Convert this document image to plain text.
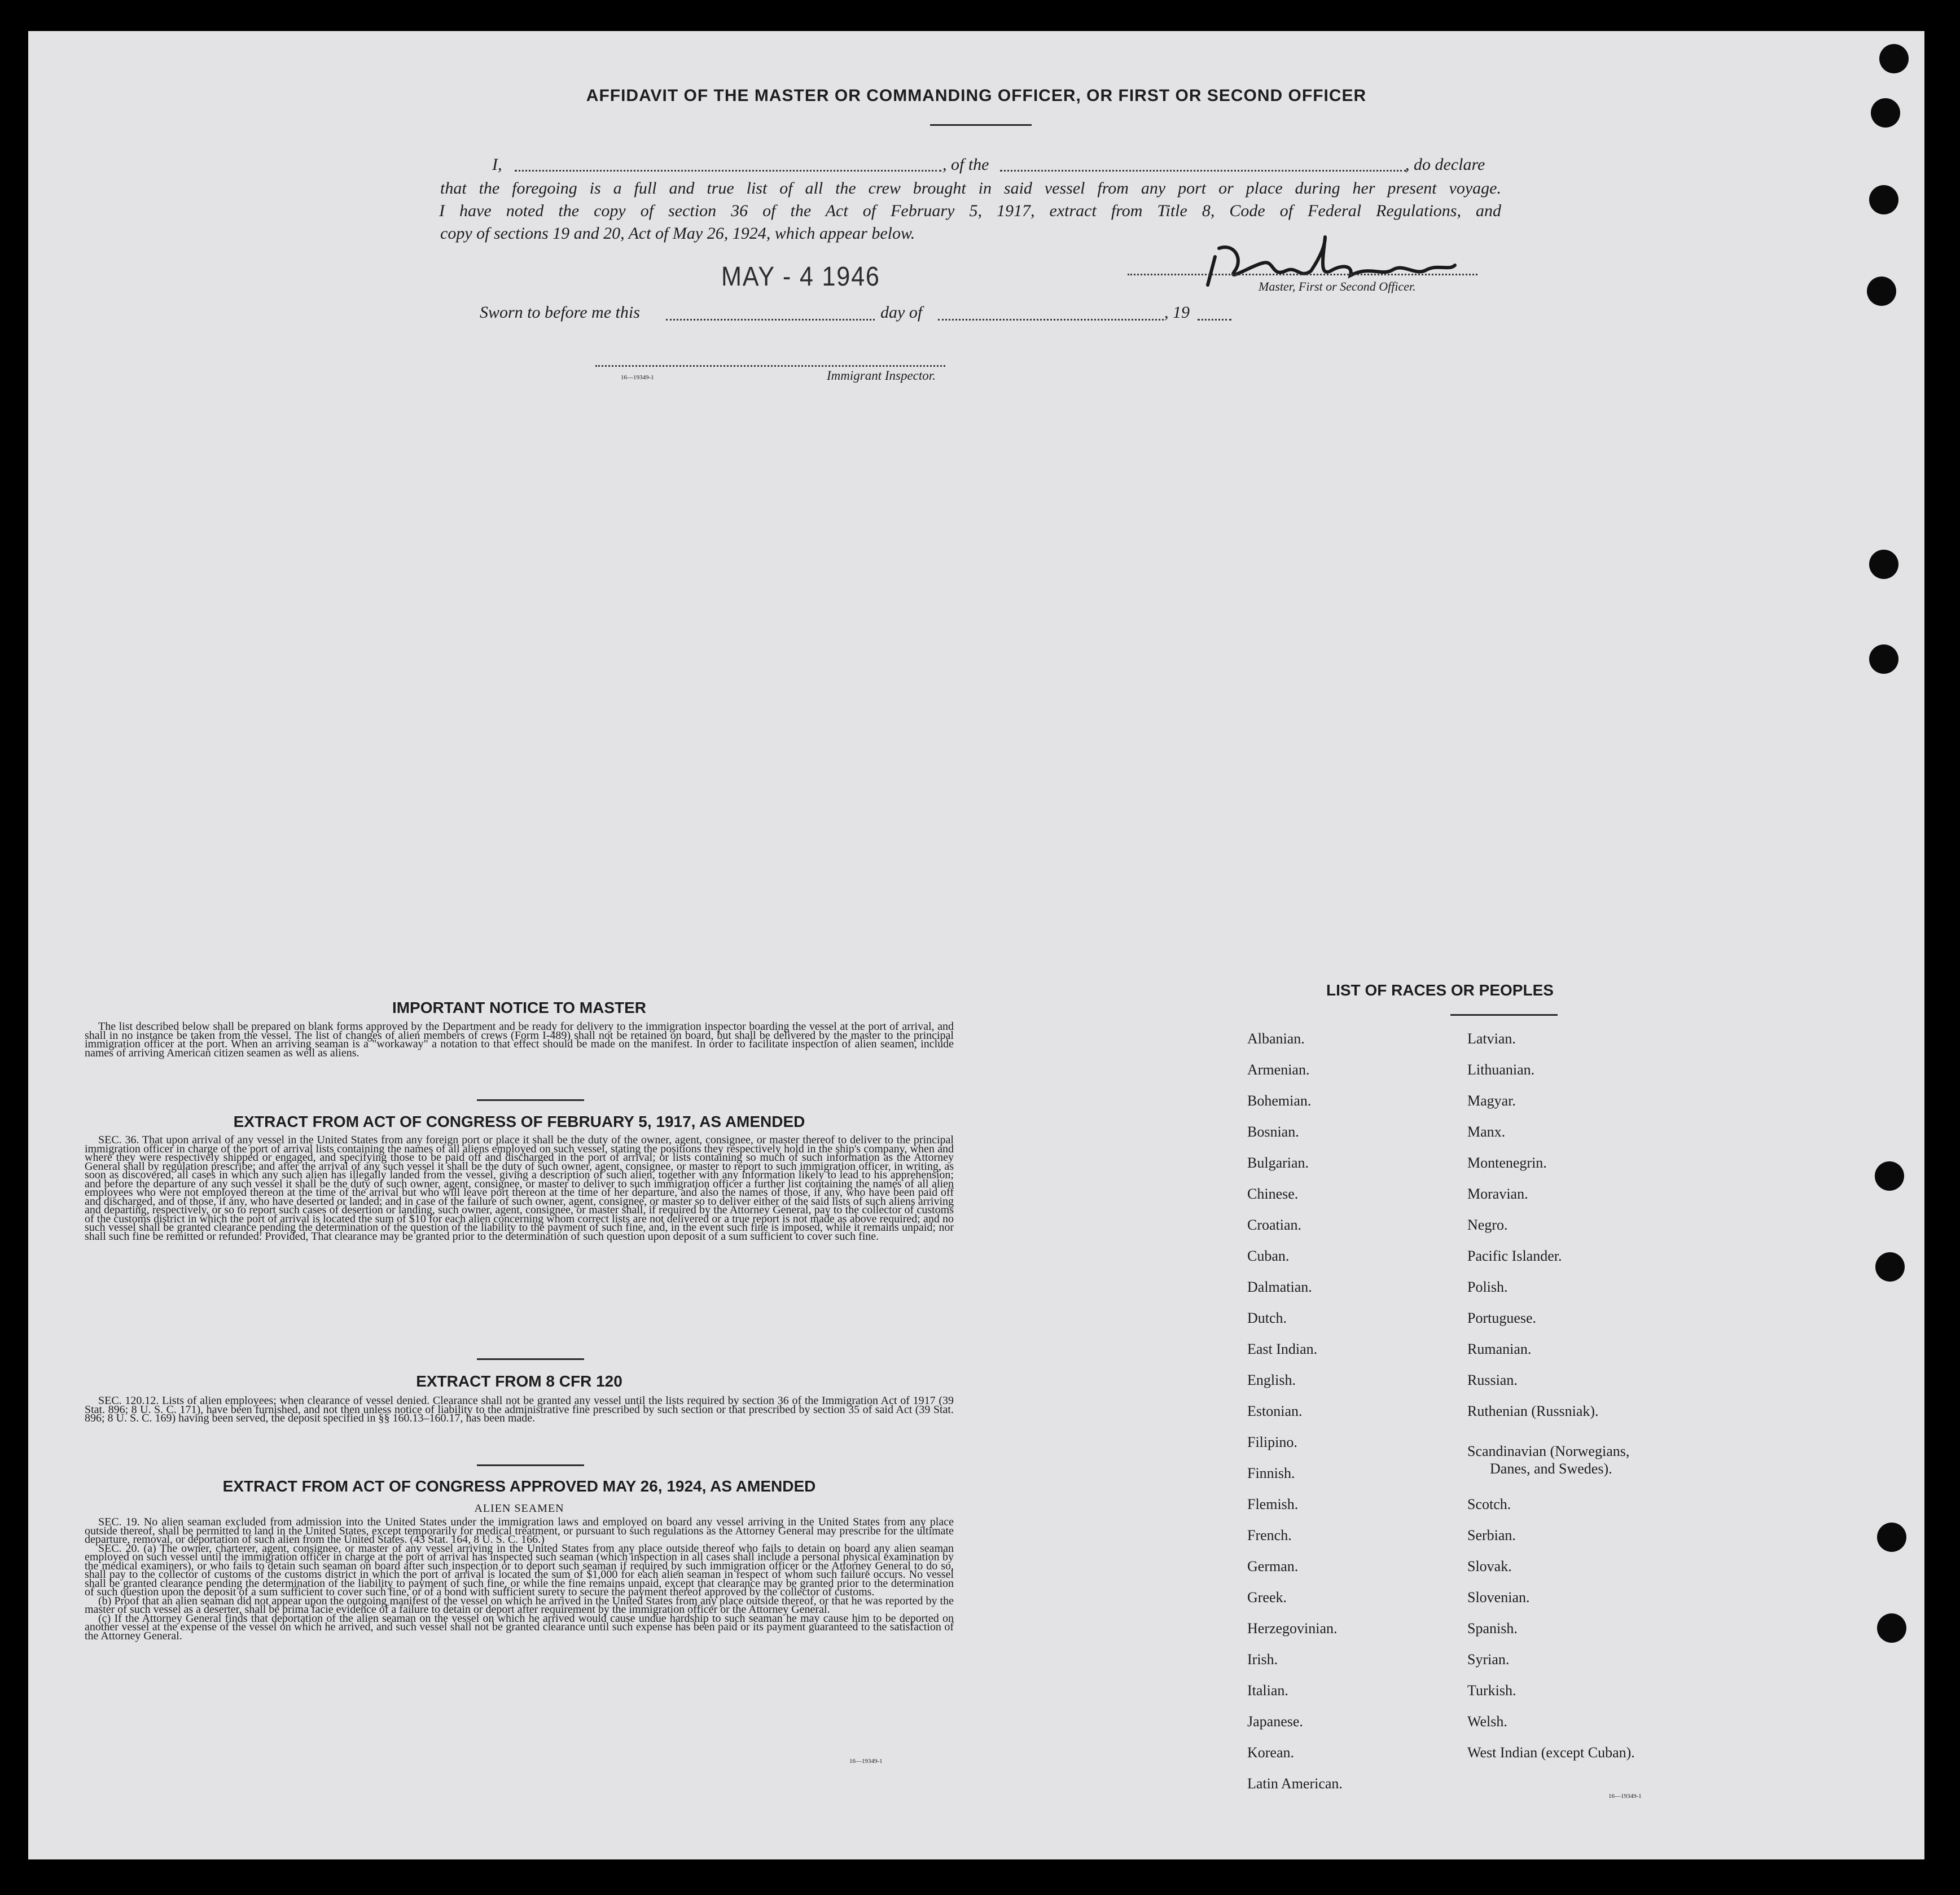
AFFIDAVIT OF THE MASTER OR COMMANDING OFFICER, OR FIRST OR SECOND OFFICER
I,	, of the	, do declare
that the foregoing is a full and true list of all the crew brought in said vessel from any port or place during her present voyage.
I have noted the copy of section 36 of the Act of February 5, 1917, extract from Title 8, Code of Federal Regulations, and
copy of sections 19 and 20, Act of May 26, 1924, which appear below.
MAY - 4 1946	Master, First or Second Officer.
Sworn to before me this	day of	, 19
16—19349-1	Immigrant Inspector.
IMPORTANT NOTICE TO MASTER

The list described below shall be prepared on blank forms approved by the Department and be ready for delivery to the immigration inspector boarding the vessel at the port of arrival, and shall in no instance be taken from the vessel. The list of changes of alien members of crews (Form I-489) shall not be retained on board, but shall be delivered by the master to the principal immigration officer at the port. When an arriving seaman is a "workaway" a notation to that effect should be made on the manifest. In order to facilitate inspection of alien seamen, include names of arriving American citizen seamen as well as aliens.

EXTRACT FROM ACT OF CONGRESS OF FEBRUARY 5, 1917, AS AMENDED

SEC. 36. That upon arrival of any vessel in the United States from any foreign port or place it shall be the duty of the owner, agent, consignee, or master thereof to deliver to the principal immigration officer in charge of the port of arrival lists containing the names of all aliens employed on such vessel, stating the positions they respectively hold in the ship's company, when and where they were respectively shipped or engaged, and specifying those to be paid off and discharged in the port of arrival; or lists containing so much of such information as the Attorney General shall by regulation prescribe; and after the arrival of any such vessel it shall be the duty of such owner, agent, consignee, or master to report to such immigration officer, in writing, as soon as discovered, all cases in which any such alien has illegally landed from the vessel, giving a description of such alien, together with any information likely to lead to his apprehension; and before the departure of any such vessel it shall be the duty of such owner, agent, consignee, or master to deliver to such immigration officer a further list containing the names of all alien employees who were not employed thereon at the time of the arrival but who will leave port thereon at the time of her departure, and also the names of those, if any, who have been paid off and discharged, and of those, if any, who have deserted or landed; and in case of the failure of such owner, agent, consignee, or master so to deliver either of the said lists of such aliens arriving and departing, respectively, or so to report such cases of desertion or landing, such owner, agent, consignee, or master shall, if required by the Attorney General, pay to the collector of customs of the customs district in which the port of arrival is located the sum of $10 for each alien concerning whom correct lists are not delivered or a true report is not made as above required; and no such vessel shall be granted clearance pending the determination of the question of the liability to the payment of such fine, and, in the event such fine is imposed, while it remains unpaid; nor shall such fine be remitted or refunded: Provided, That clearance may be granted prior to the determination of such question upon deposit of a sum sufficient to cover such fine.

EXTRACT FROM 8 CFR 120

SEC. 120.12. Lists of alien employees; when clearance of vessel denied. Clearance shall not be granted any vessel until the lists required by section 36 of the Immigration Act of 1917 (39 Stat. 896; 8 U. S. C. 171), have been furnished, and not then unless notice of liability to the administrative fine prescribed by such section or that prescribed by section 35 of said Act (39 Stat. 896; 8 U. S. C. 169) having been served, the deposit specified in §§ 160.13–160.17, has been made.

EXTRACT FROM ACT OF CONGRESS APPROVED MAY 26, 1924, AS AMENDED
ALIEN SEAMEN

SEC. 19. No alien seaman excluded from admission into the United States under the immigration laws and employed on board any vessel arriving in the United States from any place outside thereof, shall be permitted to land in the United States, except temporarily for medical treatment, or pursuant to such regulations as the Attorney General may prescribe for the ultimate departure, removal, or deportation of such alien from the United States. (43 Stat. 164, 8 U. S. C. 166.)

SEC. 20. (a) The owner, charterer, agent, consignee, or master of any vessel arriving in the United States from any place outside thereof who fails to detain on board any alien seaman employed on such vessel until the immigration officer in charge at the port of arrival has inspected such seaman (which inspection in all cases shall include a personal physical examination by the medical examiners), or who fails to detain such seaman on board after such inspection or to deport such seaman if required by such immigration officer or the Attorney General to do so, shall pay to the collector of customs of the customs district in which the port of arrival is located the sum of $1,000 for each alien seaman in respect of whom such failure occurs. No vessel shall be granted clearance pending the determination of the liability to payment of such fine, or while the fine remains unpaid, except that clearance may be granted prior to the determination of such question upon the deposit of a sum sufficient to cover such fine, or of a bond with sufficient surety to secure the payment thereof approved by the collector of customs.

(b) Proof that an alien seaman did not appear upon the outgoing manifest of the vessel on which he arrived in the United States from any place outside thereof, or that he was reported by the master of such vessel as a deserter, shall be prima facie evidence of a failure to detain or deport after requirement by the immigration officer or the Attorney General.

(c) If the Attorney General finds that deportation of the alien seaman on the vessel on which he arrived would cause undue hardship to such seaman he may cause him to be deported on another vessel at the expense of the vessel on which he arrived, and such vessel shall not be granted clearance until such expense has been paid or its payment guaranteed to the satisfaction of the Attorney General.

16—19349-1
LIST OF RACES OR PEOPLES
Albanian.
Armenian.
Bohemian.
Bosnian.
Bulgarian.
Chinese.
Croatian.
Cuban.
Dalmatian.
Dutch.
East Indian.
English.
Estonian.
Filipino.
Finnish.
Flemish.
French.
German.
Greek.
Herzegovinian.
Irish.
Italian.
Japanese.
Korean.
Latin American.
Latvian.
Lithuanian.
Magyar.
Manx.
Montenegrin.
Moravian.
Negro.
Pacific Islander.
Polish.
Portuguese.
Rumanian.
Russian.
Ruthenian (Russniak).
Scandinavian (Norwegians,
Danes, and Swedes).
Scotch.
Serbian.
Slovak.
Slovenian.
Spanish.
Syrian.
Turkish.
Welsh.
West Indian (except Cuban).
16—19349-1
